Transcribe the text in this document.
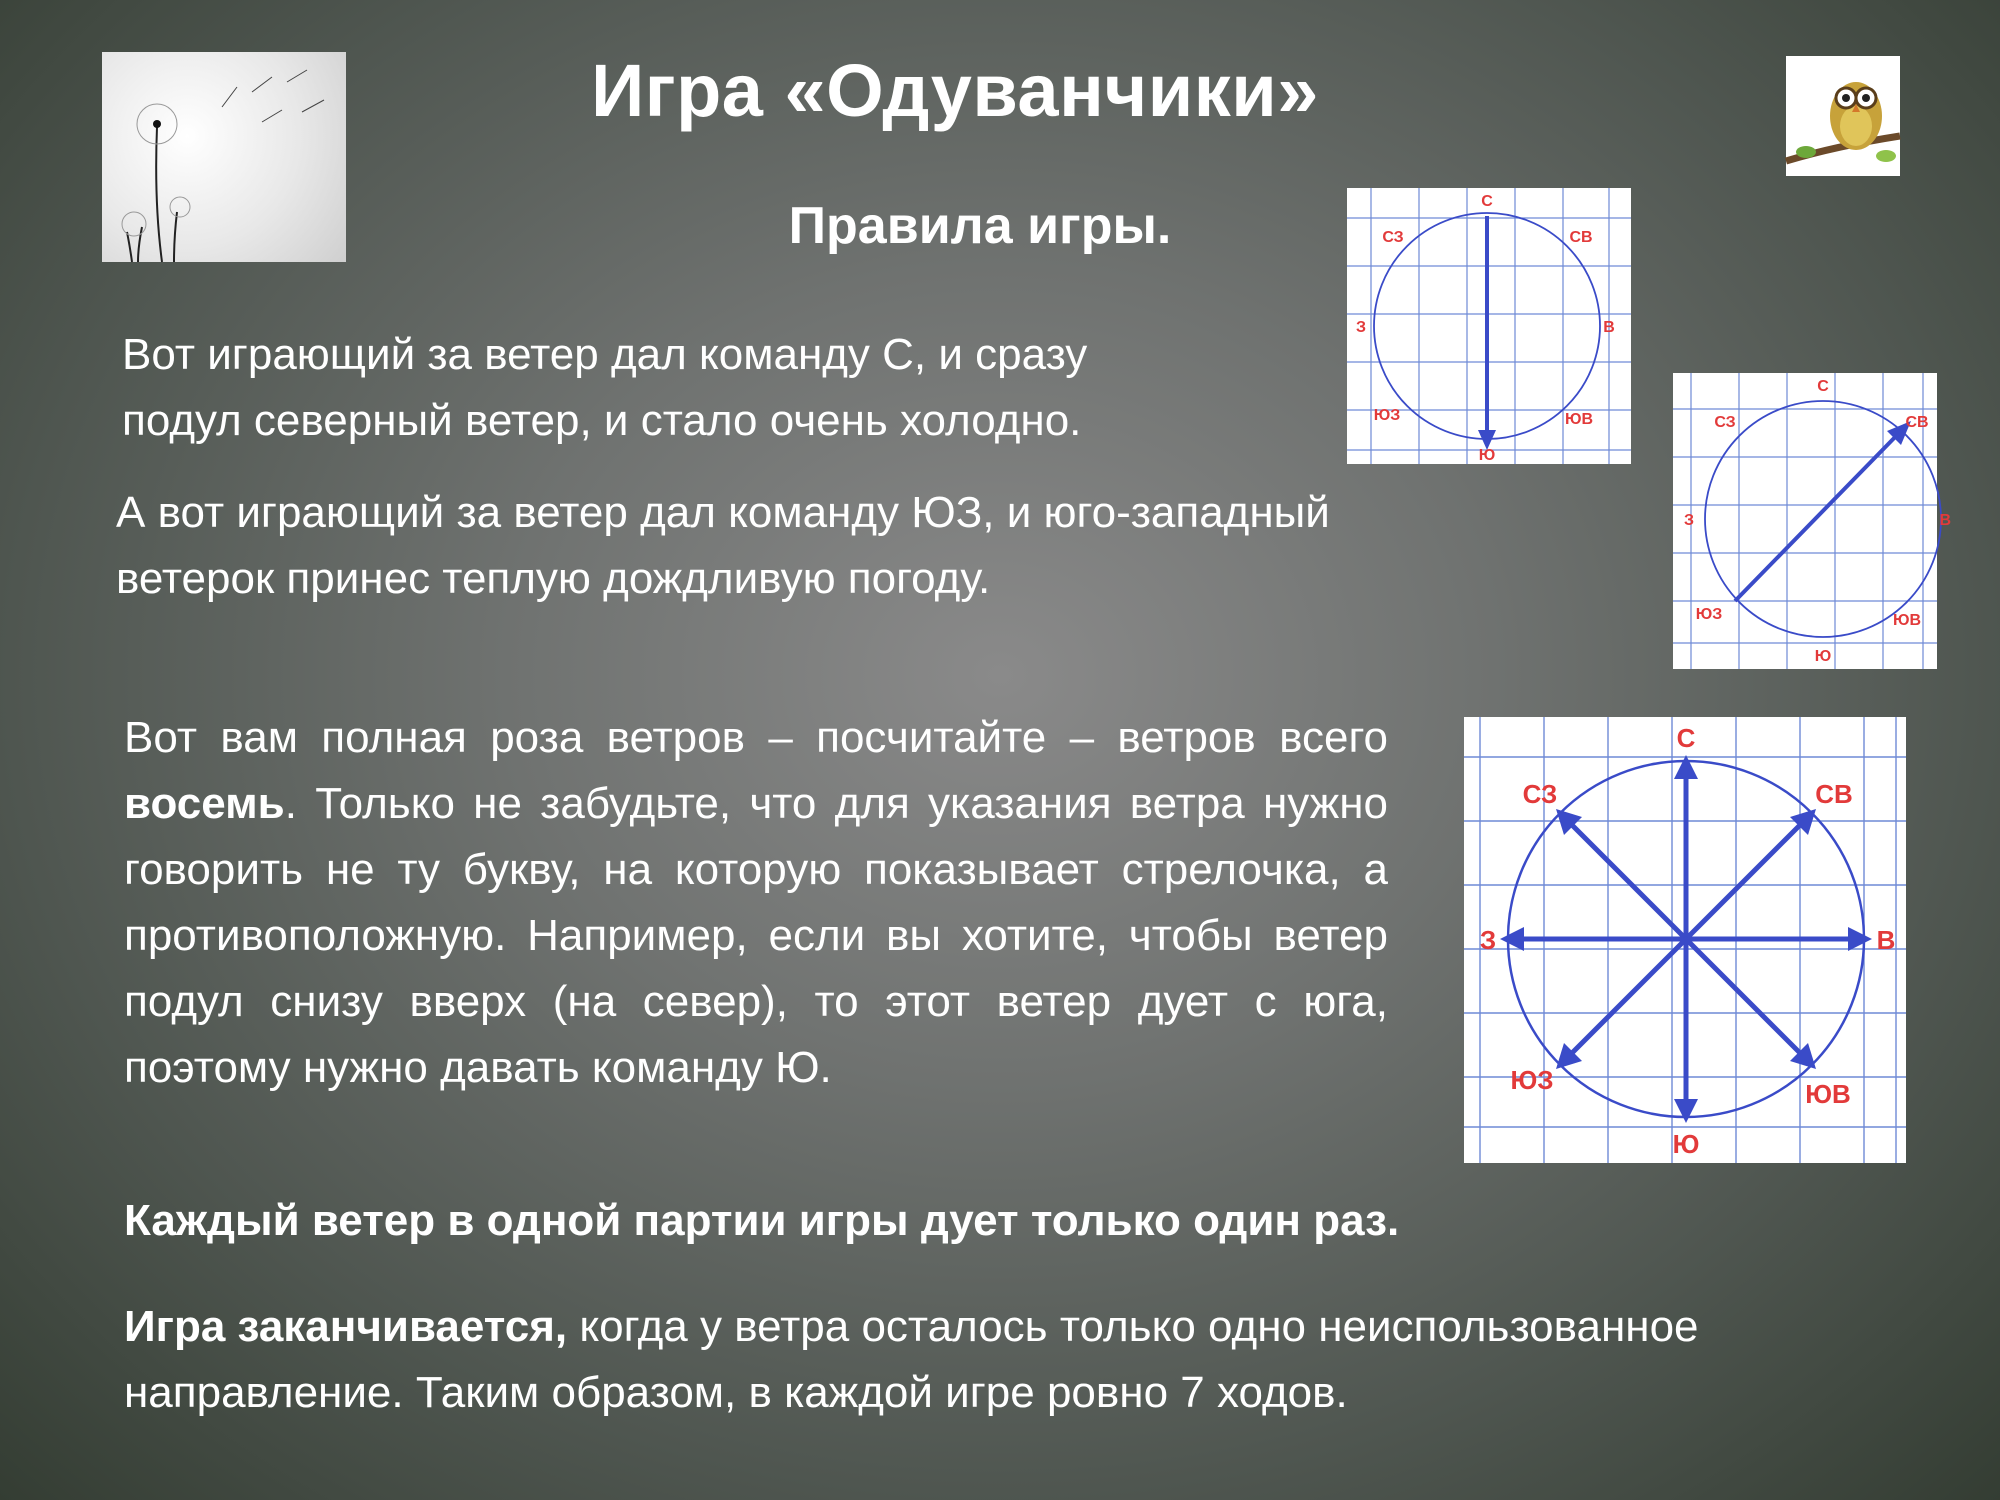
Игра «Одуванчики»
Правила игры.
Вот играющий за ветер дал команду С, и сразу
подул северный ветер, и стало очень холодно.
А вот играющий за ветер дал команду ЮЗ, и юго-западный
ветерок принес теплую дождливую погоду.
Вот вам полная роза ветров – посчитайте – ветров всего восемь. Только не забудьте, что для указания ветра нужно говорить не ту букву, на которую показывает стрелочка, а противоположную. Например, если вы хотите, чтобы ветер подул снизу вверх (на север), то этот ветер дует с юга, поэтому нужно давать команду Ю.
Каждый ветер в одной партии игры дует только один раз.
Игра заканчивается, когда у ветра осталось только одно неиспользованное
направление. Таким образом, в каждой игре ровно 7 ходов.
С
СЗ	СВ
З	В
ЮЗ	ЮВ
Ю
С
СЗ	СВ
З	В
ЮЗ	ЮВ
Ю
С
СЗ	СВ
З	В
ЮЗ	ЮВ
Ю
